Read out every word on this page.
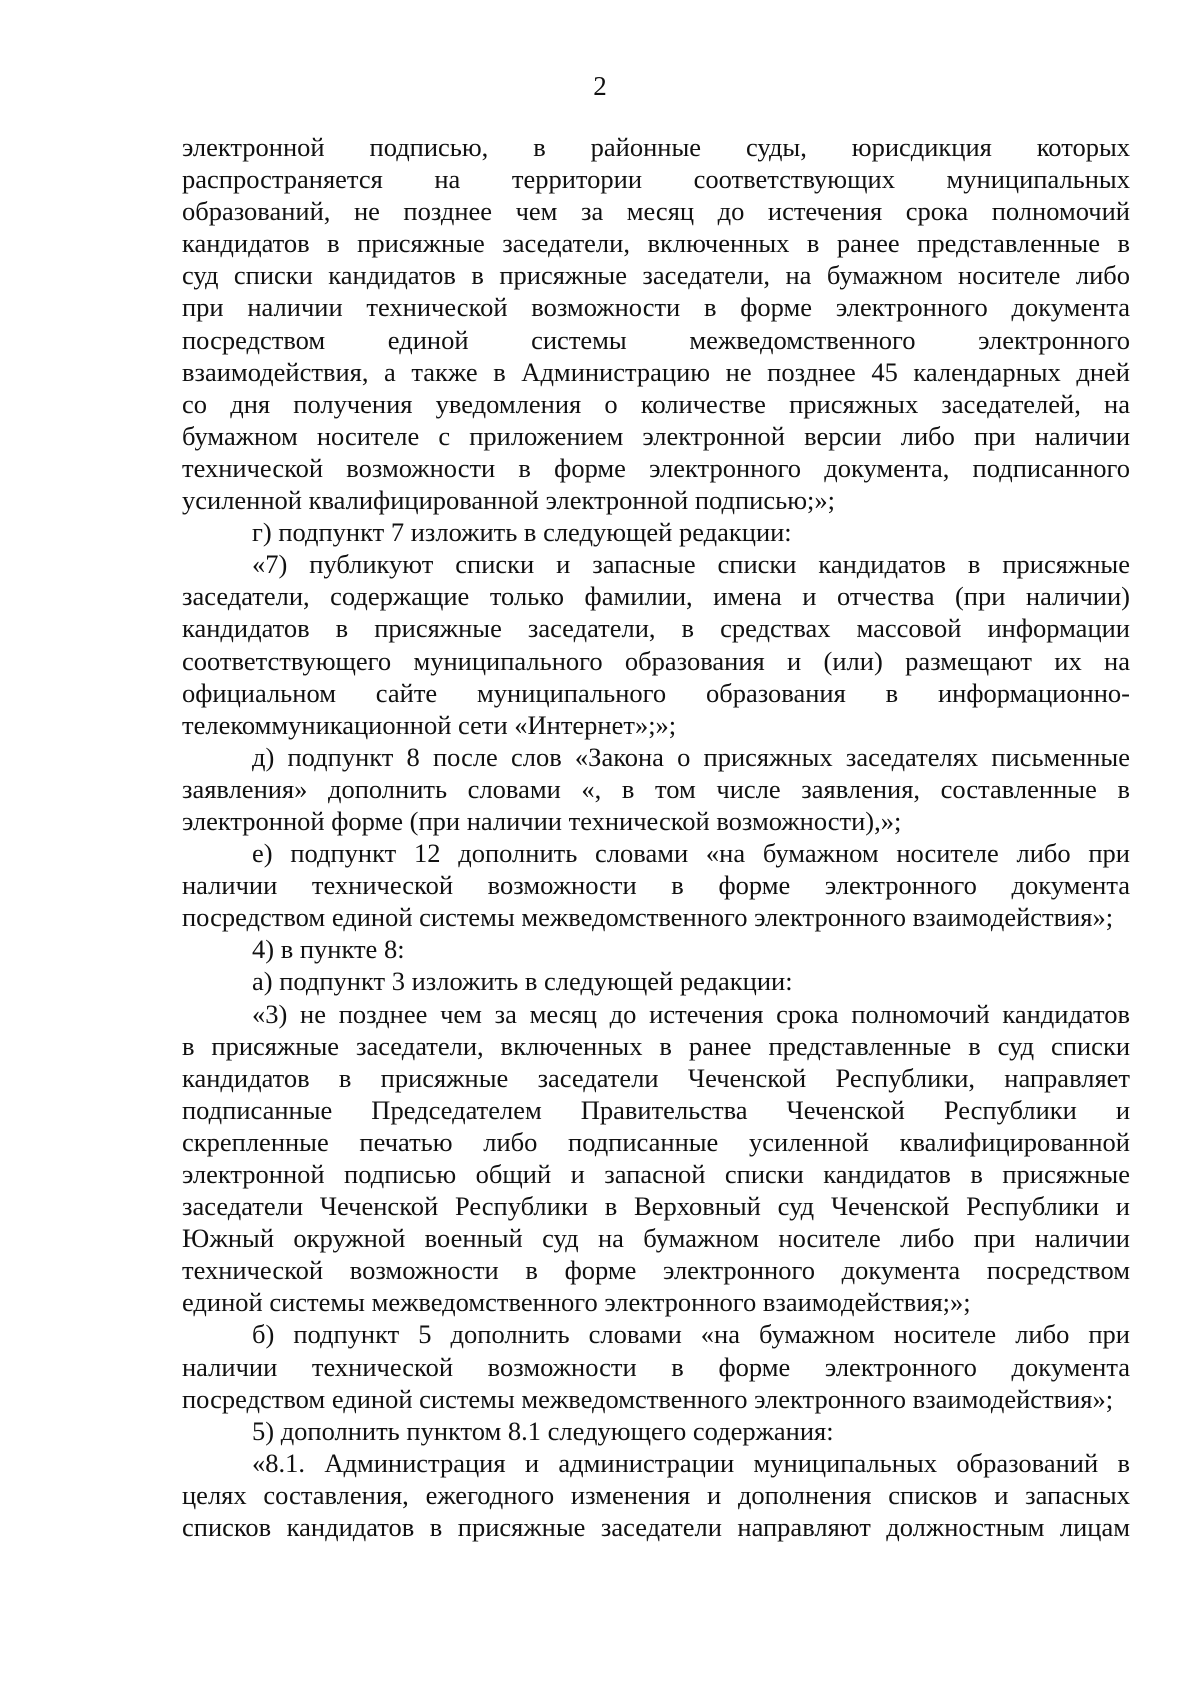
2
электронной подписью, в районные суды, юрисдикция которых
распространяется на территории соответствующих муниципальных
образований, не позднее чем за месяц до истечения срока полномочий
кандидатов в присяжные заседатели, включенных в ранее представленные в
суд списки кандидатов в присяжные заседатели, на бумажном носителе либо
при наличии технической возможности в форме электронного документа
посредством единой системы межведомственного электронного
взаимодействия, а также в Администрацию не позднее 45 календарных дней
со дня получения уведомления о количестве присяжных заседателей, на
бумажном носителе с приложением электронной версии либо при наличии
технической возможности в форме электронного документа, подписанного
усиленной квалифицированной электронной подписью;»;
г) подпункт 7 изложить в следующей редакции:
«7) публикуют списки и запасные списки кандидатов в присяжные
заседатели, содержащие только фамилии, имена и отчества (при наличии)
кандидатов в присяжные заседатели, в средствах массовой информации
соответствующего муниципального образования и (или) размещают их на
официальном сайте муниципального образования в информационно-
телекоммуникационной сети «Интернет»;»;
д) подпункт 8 после слов «Закона о присяжных заседателях письменные
заявления» дополнить словами «, в том числе заявления, составленные в
электронной форме (при наличии технической возможности),»;
е) подпункт 12 дополнить словами «на бумажном носителе либо при
наличии технической возможности в форме электронного документа
посредством единой системы межведомственного электронного взаимодействия»;
4) в пункте 8:
а) подпункт 3 изложить в следующей редакции:
«3) не позднее чем за месяц до истечения срока полномочий кандидатов
в присяжные заседатели, включенных в ранее представленные в суд списки
кандидатов в присяжные заседатели Чеченской Республики, направляет
подписанные Председателем Правительства Чеченской Республики и
скрепленные печатью либо подписанные усиленной квалифицированной
электронной подписью общий и запасной списки кандидатов в присяжные
заседатели Чеченской Республики в Верховный суд Чеченской Республики и
Южный окружной военный суд на бумажном носителе либо при наличии
технической возможности в форме электронного документа посредством
единой системы межведомственного электронного взаимодействия;»;
б) подпункт 5 дополнить словами «на бумажном носителе либо при
наличии технической возможности в форме электронного документа
посредством единой системы межведомственного электронного взаимодействия»;
5) дополнить пунктом 8.1 следующего содержания:
«8.1. Администрация и администрации муниципальных образований в
целях составления, ежегодного изменения и дополнения списков и запасных
списков кандидатов в присяжные заседатели направляют должностным лицам
